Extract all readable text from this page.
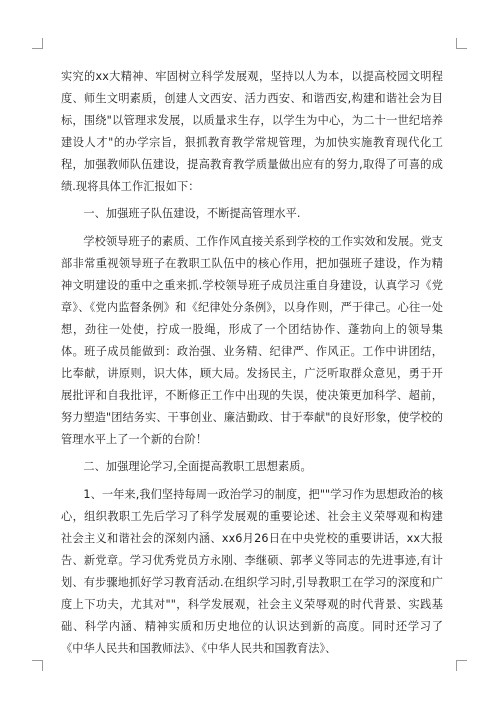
实究的xx大精神、牢固树立科学发展观，坚持以人为本，以提高校园文明程度、师生文明素质，创建人文西安、活力西安、和谐西安,构建和谐社会为目标，围绕"以管理求发展，以质量求生存，以学生为中心，为二十一世纪培养建设人才"的办学宗旨，狠抓教育教学常规管理，为加快实施教育现代化工程，加强教师队伍建设，提高教育教学质量做出应有的努力,取得了可喜的成绩.现将具体工作汇报如下：

一、加强班子队伍建设，不断提高管理水平.

学校领导班子的素质、工作作风直接关系到学校的工作实效和发展。党支部非常重视领导班子在教职工队伍中的核心作用，把加强班子建设，作为精神文明建设的重中之重来抓.学校领导班子成员注重自身建设，认真学习《党章》、《党内监督条例》和《纪律处分条例》，以身作则，严于律己。心往一处想，劲往一处使，拧成一股绳，形成了一个团结协作、蓬勃向上的领导集体。班子成员能做到：政治强、业务精、纪律严、作风正。工作中讲团结，比奉献，讲原则，识大体，顾大局。发扬民主，广泛听取群众意见，勇于开展批评和自我批评，不断修正工作中出现的失误，使决策更加科学、超前，努力塑造"团结务实、干事创业、廉洁勤政、甘于奉献"的良好形象，使学校的管理水平上了一个新的台阶！

二、加强理论学习,全面提高教职工思想素质。

1、一年来,我们坚持每周一政治学习的制度，把""学习作为思想政治的核心，组织教职工先后学习了科学发展观的重要论述、社会主义荣辱观和构建社会主义和谐社会的深刻内涵、xx6月26日在中央党校的重要讲话，xx大报告、新党章。学习优秀党员方永刚、李继硕、郭孝义等同志的先进事迹,有计划、有步骤地抓好学习教育活动.在组织学习时,引导教职工在学习的深度和广度上下功夫，尤其对""，科学发展观，社会主义荣辱观的时代背景、实践基础、科学内涵、精神实质和历史地位的认识达到新的高度。同时还学习了《中华人民共和国教师法》、《中华人民共和国教育法》、
